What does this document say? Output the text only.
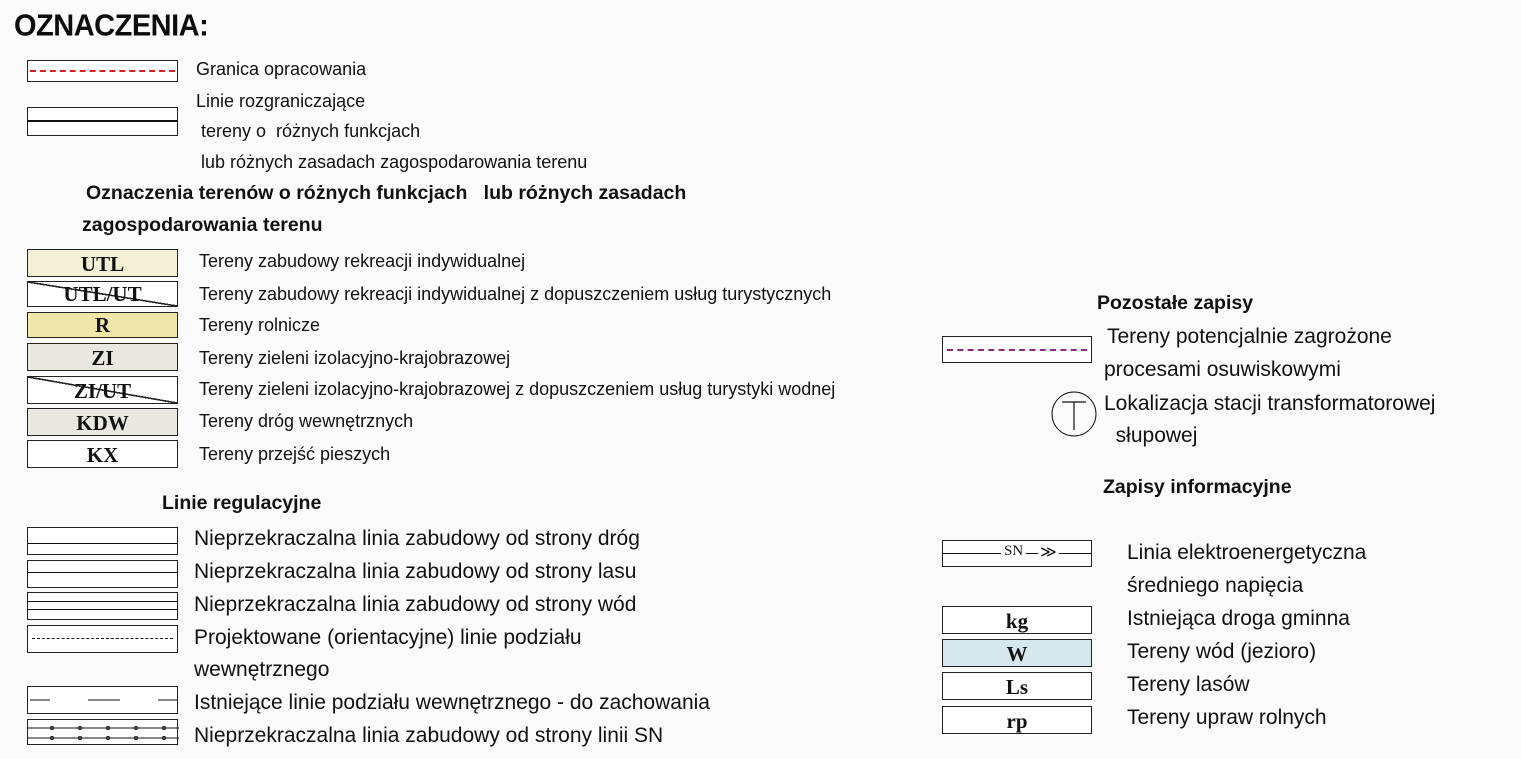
OZNACZENIA:
Granica opracowania
Linie rozgraniczające
tereny o  różnych funkcjach
lub różnych zasadach zagospodarowania terenu
Oznaczenia terenów o różnych funkcjach   lub różnych zasadach
zagospodarowania terenu
UTL	Tereny zabudowy rekreacji indywidualnej
UTL/UT	Tereny zabudowy rekreacji indywidualnej z dopuszczeniem usług turystycznych
R	Tereny rolnicze
ZI	Tereny zieleni izolacyjno-krajobrazowej
ZI/UT	Tereny zieleni izolacyjno-krajobrazowej z dopuszczeniem usług turystyki wodnej
KDW	Tereny dróg wewnętrznych
KX	Tereny przejść pieszych
Linie regulacyjne
Nieprzekraczalna linia zabudowy od strony dróg
Nieprzekraczalna linia zabudowy od strony lasu
Nieprzekraczalna linia zabudowy od strony wód
Projektowane (orientacyjne) linie podziału
wewnętrznego
Istniejące linie podziału wewnętrznego - do zachowania
Nieprzekraczalna linia zabudowy od strony linii SN
Pozostałe zapisy
Tereny potencjalnie zagrożone
procesami osuwiskowymi
Lokalizacja stacji transformatorowej
słupowej
Zapisy informacyjne
SN ≫	Linia elektroenergetyczna
średniego napięcia
kg	Istniejąca droga gminna
W	Tereny wód (jezioro)
Ls	Tereny lasów
rp	Tereny upraw rolnych
